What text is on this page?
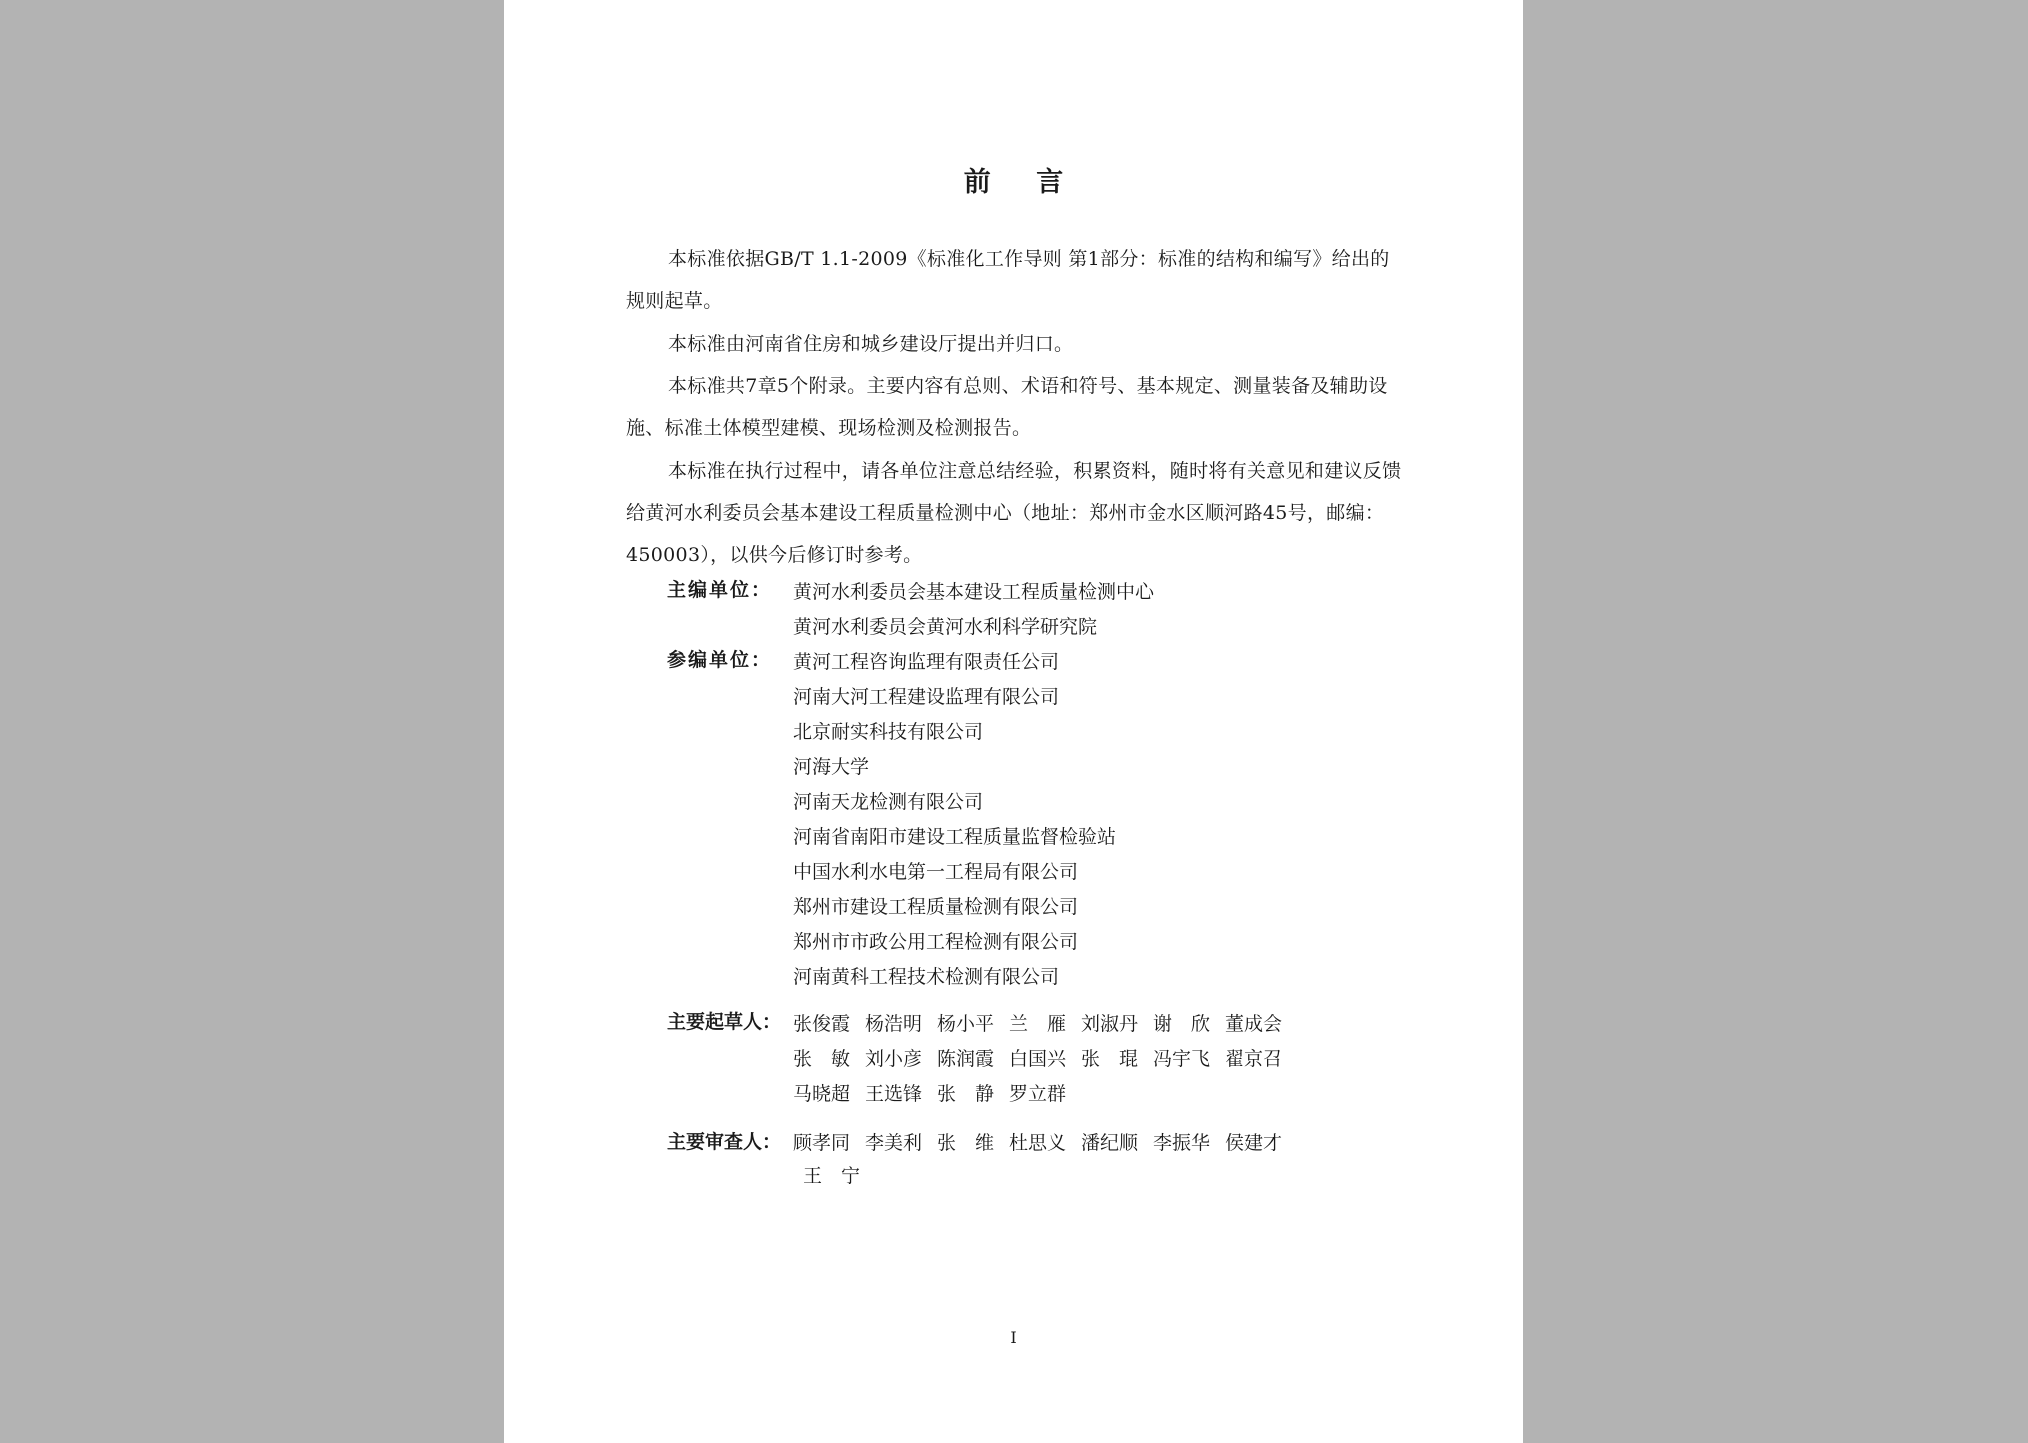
前 言

本标准依据GB/T 1.1-2009《标准化工作导则 第1部分：标准的结构和编写》给出的规则起草。

本标准由河南省住房和城乡建设厅提出并归口。

本标准共7章5个附录。主要内容有总则、术语和符号、基本规定、测量装备及辅助设施、标准土体模型建模、现场检测及检测报告。

本标准在执行过程中，请各单位注意总结经验，积累资料，随时将有关意见和建议反馈给黄河水利委员会基本建设工程质量检测中心（地址：郑州市金水区顺河路45号，邮编：450003），以供今后修订时参考。

主编单位： 黄河水利委员会基本建设工程质量检测中心
黄河水利委员会黄河水利科学研究院
参编单位： 黄河工程咨询监理有限责任公司
河南大河工程建设监理有限公司
北京耐实科技有限公司
河海大学
河南天龙检测有限公司
河南省南阳市建设工程质量监督检验站
中国水利水电第一工程局有限公司
郑州市建设工程质量检测有限公司
郑州市市政公用工程检测有限公司
河南黄科工程技术检测有限公司
主要起草人： 张俊霞 杨浩明 杨小平 兰　雁 刘淑丹 谢　欣 董成会
张　敏 刘小彦 陈润霞 白国兴 张　琨 冯宇飞 翟京召
马晓超 王选锋 张　静 罗立群
主要审查人： 顾孝同 李美利 张　维 杜思义 潘纪顺 李振华 侯建才
王　宁
I
